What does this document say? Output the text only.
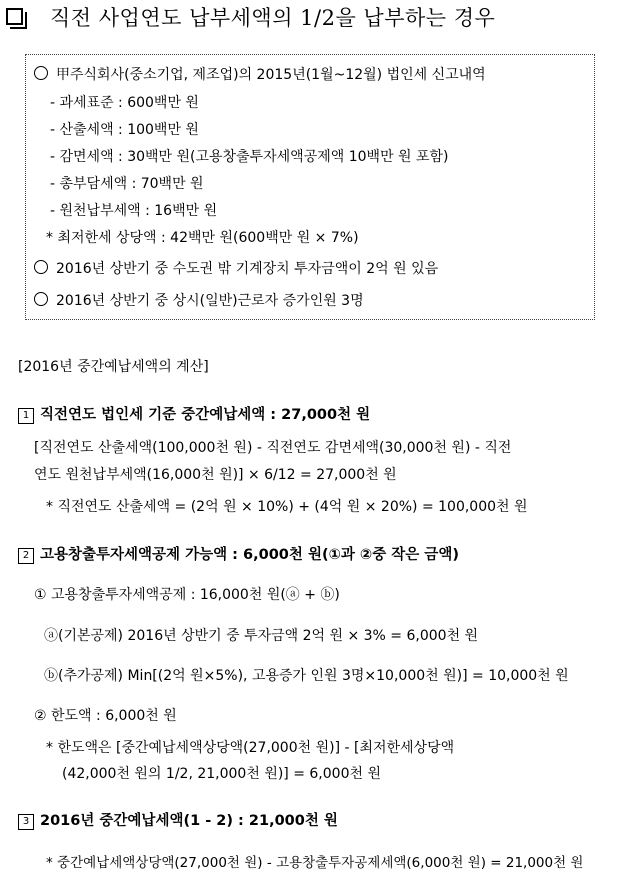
직전 사업연도 납부세액의 1/2을 납부하는 경우
甲주식회사(중소기업, 제조업)의 2015년(1월~12월) 법인세 신고내역
- 과세표준 : 600백만 원
- 산출세액 : 100백만 원
- 감면세액 : 30백만 원(고용창출투자세액공제액 10백만 원 포함)
- 총부담세액 : 70백만 원
- 원천납부세액 : 16백만 원
* 최저한세 상당액 : 42백만 원(600백만 원 × 7%)
2016년 상반기 중 수도권 밖 기계장치 투자금액이 2억 원 있음
2016년 상반기 중 상시(일반)근로자 증가인원 3명
[2016년 중간예납세액의 계산]
1 직전연도 법인세 기준 중간예납세액 : 27,000천 원
[직전연도 산출세액(100,000천 원) - 직전연도 감면세액(30,000천 원) - 직전
연도 원천납부세액(16,000천 원)] × 6/12 = 27,000천 원
* 직전연도 산출세액 = (2억 원 × 10%) + (4억 원 × 20%) = 100,000천 원
2 고용창출투자세액공제 가능액 : 6,000천 원(①과 ②중 작은 금액)
① 고용창출투자세액공제 : 16,000천 원(ⓐ + ⓑ)
ⓐ(기본공제) 2016년 상반기 중 투자금액 2억 원 × 3% = 6,000천 원
ⓑ(추가공제) Min[(2억 원×5%), 고용증가 인원 3명×10,000천 원)] = 10,000천 원
② 한도액 : 6,000천 원
* 한도액은 [중간예납세액상당액(27,000천 원)] - [최저한세상당액
(42,000천 원의 1/2, 21,000천 원)] = 6,000천 원
3 2016년 중간예납세액(1 - 2) : 21,000천 원
* 중간예납세액상당액(27,000천 원) - 고용창출투자공제세액(6,000천 원) = 21,000천 원
